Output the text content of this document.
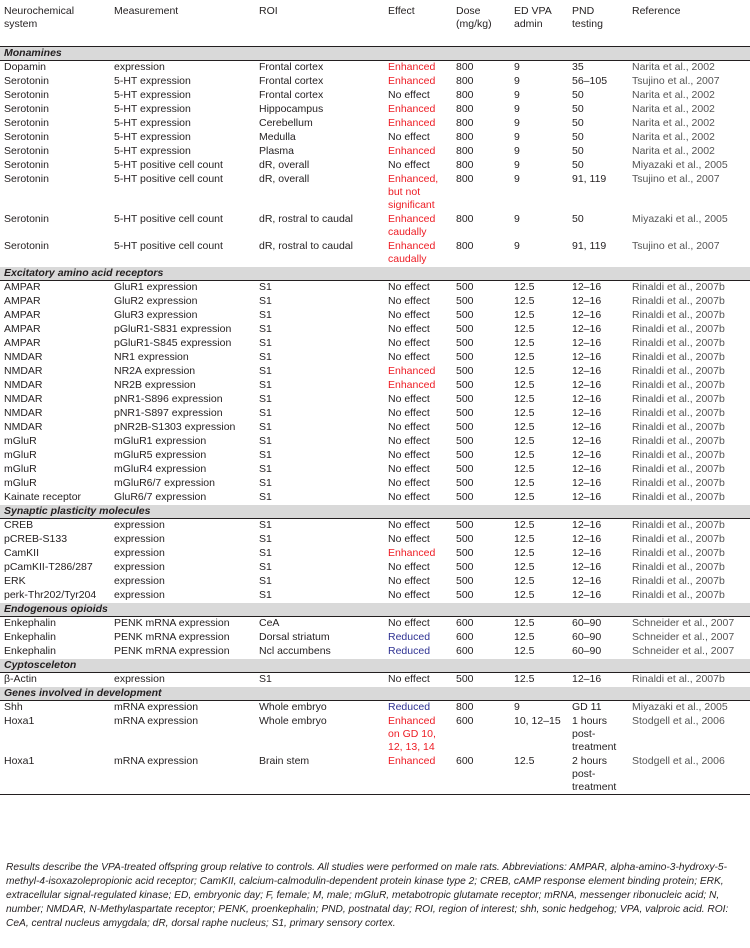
Neurochemical system	Measurement	ROI	Effect	Dose (mg/kg)	ED VPA admin	PND testing	Reference
Monamines							
Dopamin	expression	Frontal cortex	Enhanced	800	9	35	Narita et al., 2002
Serotonin	5-HT expression	Frontal cortex	Enhanced	800	9	56–105	Tsujino et al., 2007
Serotonin	5-HT expression	Frontal cortex	No effect	800	9	50	Narita et al., 2002
Serotonin	5-HT expression	Hippocampus	Enhanced	800	9	50	Narita et al., 2002
Serotonin	5-HT expression	Cerebellum	Enhanced	800	9	50	Narita et al., 2002
Serotonin	5-HT expression	Medulla	No effect	800	9	50	Narita et al., 2002
Serotonin	5-HT expression	Plasma	Enhanced	800	9	50	Narita et al., 2002
Serotonin	5-HT positive cell count	dR, overall	No effect	800	9	50	Miyazaki et al., 2005
Serotonin	5-HT positive cell count	dR, overall	Enhanced, but not significant	800	9	91, 119	Tsujino et al., 2007
Serotonin	5-HT positive cell count	dR, rostral to caudal	Enhanced caudally	800	9	50	Miyazaki et al., 2005
Serotonin	5-HT positive cell count	dR, rostral to caudal	Enhanced caudally	800	9	91, 119	Tsujino et al., 2007
Excitatory amino acid receptors							
AMPAR	GluR1 expression	S1	No effect	500	12.5	12–16	Rinaldi et al., 2007b
AMPAR	GluR2 expression	S1	No effect	500	12.5	12–16	Rinaldi et al., 2007b
AMPAR	GluR3 expression	S1	No effect	500	12.5	12–16	Rinaldi et al., 2007b
AMPAR	pGluR1-S831 expression	S1	No effect	500	12.5	12–16	Rinaldi et al., 2007b
AMPAR	pGluR1-S845 expression	S1	No effect	500	12.5	12–16	Rinaldi et al., 2007b
NMDAR	NR1 expression	S1	No effect	500	12.5	12–16	Rinaldi et al., 2007b
NMDAR	NR2A expression	S1	Enhanced	500	12.5	12–16	Rinaldi et al., 2007b
NMDAR	NR2B expression	S1	Enhanced	500	12.5	12–16	Rinaldi et al., 2007b
NMDAR	pNR1-S896 expression	S1	No effect	500	12.5	12–16	Rinaldi et al., 2007b
NMDAR	pNR1-S897 expression	S1	No effect	500	12.5	12–16	Rinaldi et al., 2007b
NMDAR	pNR2B-S1303 expression	S1	No effect	500	12.5	12–16	Rinaldi et al., 2007b
mGluR	mGluR1 expression	S1	No effect	500	12.5	12–16	Rinaldi et al., 2007b
mGluR	mGluR5 expression	S1	No effect	500	12.5	12–16	Rinaldi et al., 2007b
mGluR	mGluR4 expression	S1	No effect	500	12.5	12–16	Rinaldi et al., 2007b
mGluR	mGluR6/7 expression	S1	No effect	500	12.5	12–16	Rinaldi et al., 2007b
Kainate receptor	GluR6/7 expression	S1	No effect	500	12.5	12–16	Rinaldi et al., 2007b
Synaptic plasticity molecules							
CREB	expression	S1	No effect	500	12.5	12–16	Rinaldi et al., 2007b
pCREB-S133	expression	S1	No effect	500	12.5	12–16	Rinaldi et al., 2007b
CamKII	expression	S1	Enhanced	500	12.5	12–16	Rinaldi et al., 2007b
pCamKII-T286/287	expression	S1	No effect	500	12.5	12–16	Rinaldi et al., 2007b
ERK	expression	S1	No effect	500	12.5	12–16	Rinaldi et al., 2007b
perk-Thr202/Tyr204	expression	S1	No effect	500	12.5	12–16	Rinaldi et al., 2007b
Endogenous opioids							
Enkephalin	PENK mRNA expression	CeA	No effect	600	12.5	60–90	Schneider et al., 2007
Enkephalin	PENK mRNA expression	Dorsal striatum	Reduced	600	12.5	60–90	Schneider et al., 2007
Enkephalin	PENK mRNA expression	Ncl accumbens	Reduced	600	12.5	60–90	Schneider et al., 2007
Cyptosceleton							
β-Actin	expression	S1	No effect	500	12.5	12–16	Rinaldi et al., 2007b
Genes involved in development							
Shh	mRNA expression	Whole embryo	Reduced	800	9	GD 11	Miyazaki et al., 2005
Hoxa1	mRNA expression	Whole embryo	Enhanced on GD 10, 12, 13, 14	600	10, 12–15	1 hours post-treatment	Stodgell et al., 2006
Hoxa1	mRNA expression	Brain stem	Enhanced	600	12.5	2 hours post-treatment	Stodgell et al., 2006

Results describe the VPA-treated offspring group relative to controls. All studies were performed on male rats. Abbreviations: AMPAR, alpha-amino-3-hydroxy-5-methyl-4-isoxazolepropionic acid receptor; CamKII, calcium-calmodulin-dependent protein kinase type 2; CREB, cAMP response element binding protein; ERK, extracellular signal-regulated kinase; ED, embryonic day; F, female; M, male; mGluR, metabotropic glutamate receptor; mRNA, messenger ribonucleic acid; N, number; NMDAR, N-Methylaspartate receptor; PENK, proenkephalin; PND, postnatal day; ROI, region of interest; shh, sonic hedgehog; VPA, valproic acid. ROI: CeA, central nucleus amygdala; dR, dorsal raphe nucleus; S1, primary sensory cortex.
